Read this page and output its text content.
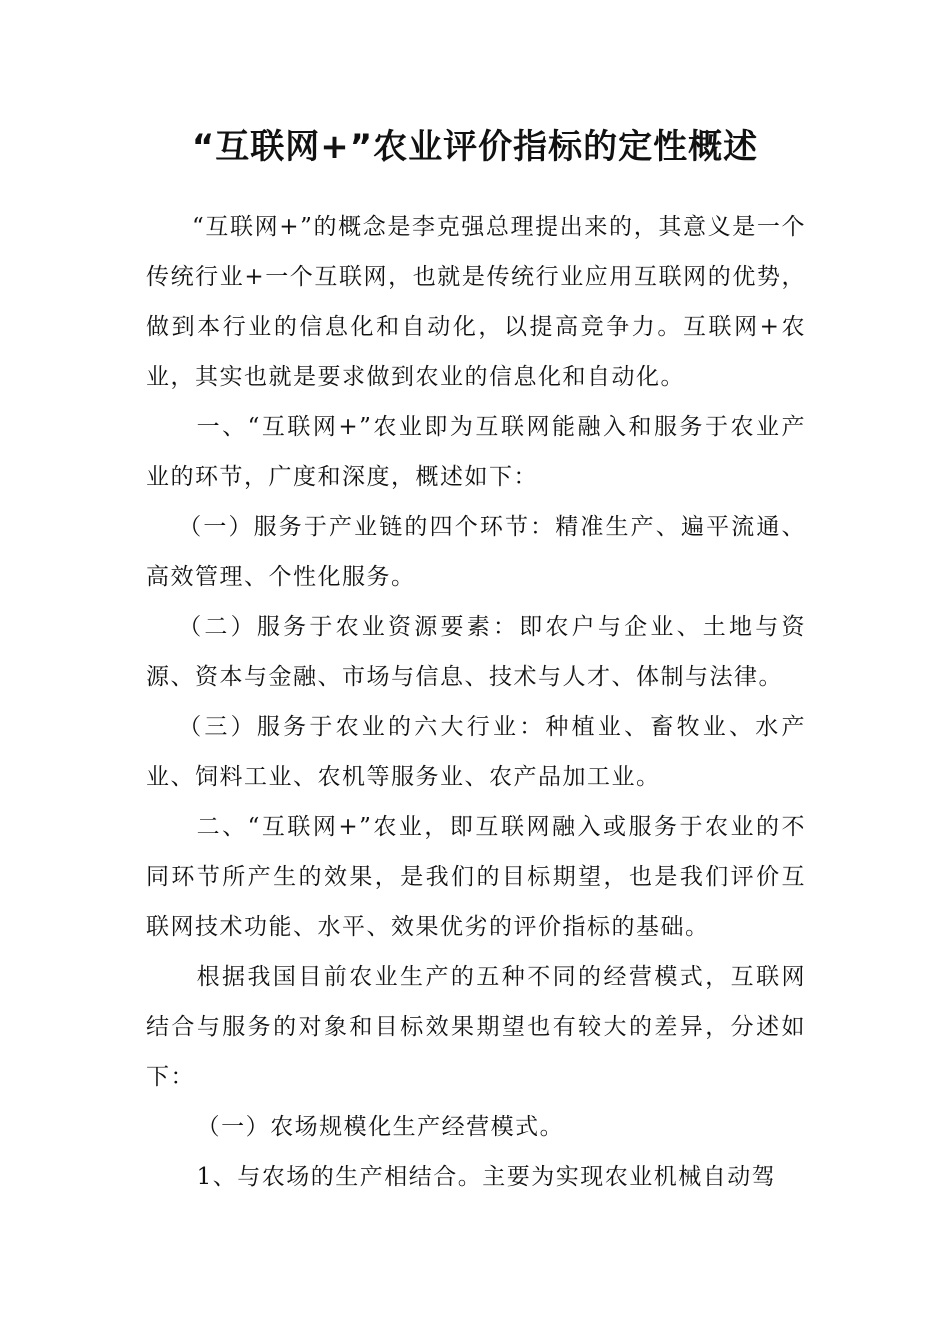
“互联网+”农业评价指标的定性概述

“互联网+”的概念是李克强总理提出来的，其意义是一个传统行业+一个互联网，也就是传统行业应用互联网的优势，做到本行业的信息化和自动化，以提高竞争力。互联网+农业，其实也就是要求做到农业的信息化和自动化。

一、“互联网+”农业即为互联网能融入和服务于农业产业的环节，广度和深度，概述如下：

（一）服务于产业链的四个环节：精准生产、遍平流通、高效管理、个性化服务。

（二）服务于农业资源要素：即农户与企业、土地与资源、资本与金融、市场与信息、技术与人才、体制与法律。

（三）服务于农业的六大行业：种植业、畜牧业、水产业、饲料工业、农机等服务业、农产品加工业。

二、“互联网+”农业，即互联网融入或服务于农业的不同环节所产生的效果，是我们的目标期望，也是我们评价互联网技术功能、水平、效果优劣的评价指标的基础。

根据我国目前农业生产的五种不同的经营模式，互联网结合与服务的对象和目标效果期望也有较大的差异，分述如下：

（一）农场规模化生产经营模式。

1、与农场的生产相结合。主要为实现农业机械自动驾
